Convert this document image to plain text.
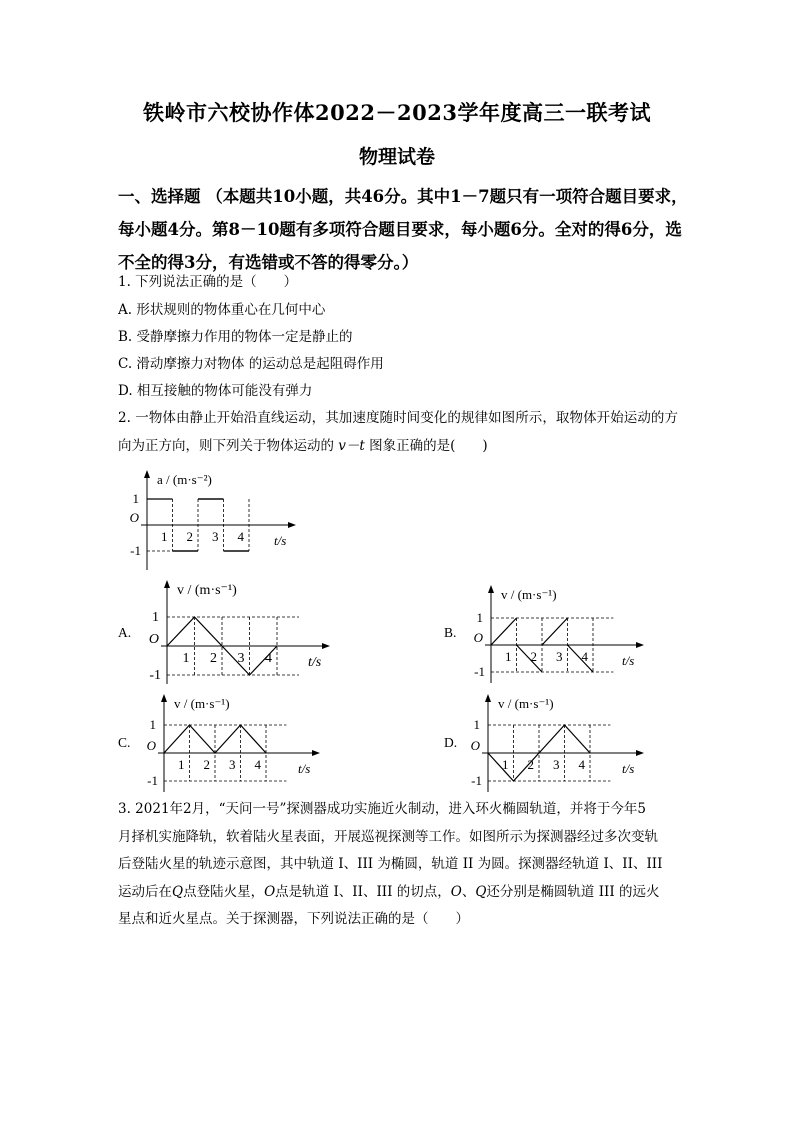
铁岭市六校协作体2022－2023学年度高三一联考试
物理试卷
一、选择题 （本题共10小题，共46分。其中1－7题只有一项符合题目要求，每小题4分。第8－10题有多项符合题目要求，每小题6分。全对的得6分，选不全的得3分，有选错或不答的得零分。）
1. 下列说法正确的是（　　）
A. 形状规则的物体重心在几何中心
B. 受静摩擦力作用的物体一定是静止的
C. 滑动摩擦力对物体 的运动总是起阻碍作用
D. 相互接触的物体可能没有弹力
2. 一物体由静止开始沿直线运动，其加速度随时间变化的规律如图所示，取物体开始运动的方向为正方向，则下列关于物体运动的 v－t 图象正确的是(　　)
1
-1
O
a / (m·s⁻²)
t/s
1 2 3 4
A.
1
-1
O
v / (m·s⁻¹)
t/s
1 2 3 4
B.
1
-1
O
v / (m·s⁻¹)
t/s
1 2 3 4
C.
1
-1
O
v / (m·s⁻¹)
t/s
1 2 3 4
D.
1
-1
O
v / (m·s⁻¹)
t/s
1 2 3 4
3. 2021年2月，“天问一号”探测器成功实施近火制动，进入环火椭圆轨道，并将于今年5
月择机实施降轨，软着陆火星表面，开展巡视探测等工作。如图所示为探测器经过多次变轨
后登陆火星的轨迹示意图，其中轨道 I、III 为椭圆，轨道 II 为圆。探测器经轨道 I、II、III
运动后在Q点登陆火星，O点是轨道 I、II、III 的切点，O、Q还分别是椭圆轨道 III 的远火
星点和近火星点。关于探测器，下列说法正确的是（　　）
